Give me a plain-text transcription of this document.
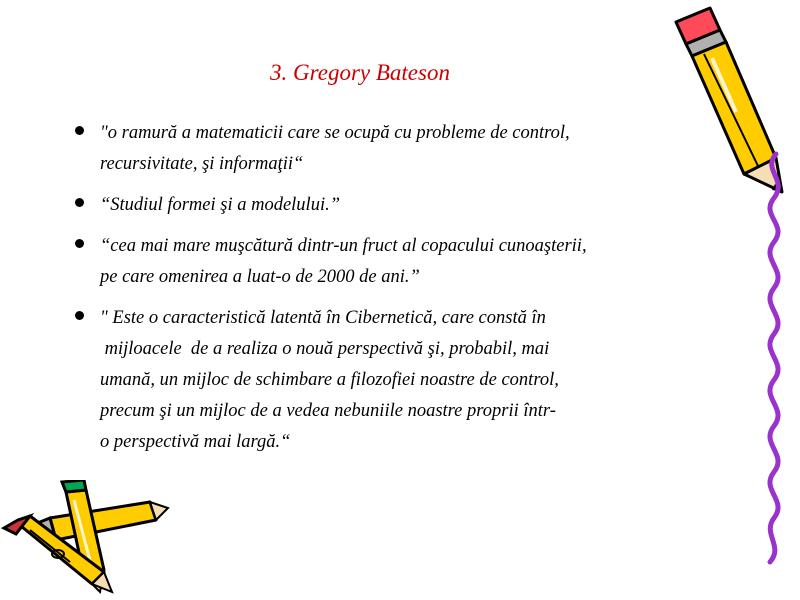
3. Gregory Bateson
"o ramură a matematicii care se ocupă cu probleme de control,
recursivitate, şi informaţii“
“Studiul formei şi a modelului.”
“cea mai mare muşcătură dintr-un fruct al copacului cunoaşterii,
pe care omenirea a luat-o de 2000 de ani.”
" Este o caracteristică latentă în Cibernetică, care constă în
mijloacele  de a realiza o nouă perspectivă şi, probabil, mai
umană, un mijloc de schimbare a filozofiei noastre de control,
precum şi un mijloc de a vedea nebuniile noastre proprii într-
o perspectivă mai largă.“
